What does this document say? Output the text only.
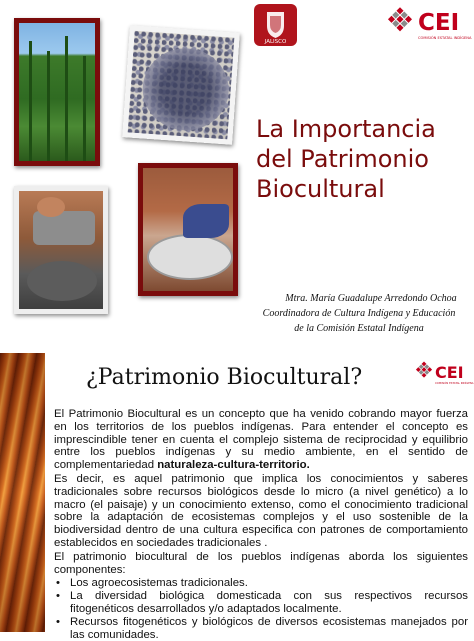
JALISCO
CEI
COMISIÓN ESTATAL INDÍGENA
La Importancia del Patrimonio Biocultural
Mtra. María Guadalupe Arredondo Ochoa
Coordinadora de Cultura Indígena y Educación
de la Comisión Estatal Indígena
CEI
COMISIÓN ESTATAL INDÍGENA
¿Patrimonio Biocultural?

El Patrimonio Biocultural es un concepto que ha venido cobrando mayor fuerza en los territorios de los pueblos indígenas. Para entender el concepto es imprescindible tener en cuenta el complejo sistema de reciprocidad y equilibrio entre los pueblos indígenas y su medio ambiente, en el sentido de complementariedad naturaleza-cultura-territorio.

Es decir, es aquel patrimonio que implica los conocimientos y saberes tradicionales sobre recursos biológicos desde lo micro (a nivel genético) a lo macro (el paisaje) y un conocimiento extenso, como el conocimiento tradicional sobre la adaptación de ecosistemas complejos y el uso sostenible de la biodiversidad dentro de una cultura especifica con patrones de comportamiento establecidos en sociedades tradicionales .

El patrimonio biocultural de los pueblos indígenas aborda los siguientes componentes:

• Los agroecosistemas tradicionales.
• La diversidad biológica domesticada con sus respectivos recursos fitogenéticos desarrollados y/o adaptados localmente.
• Recursos fitogenéticos y biológicos de diversos ecosistemas manejados por las comunidades.
